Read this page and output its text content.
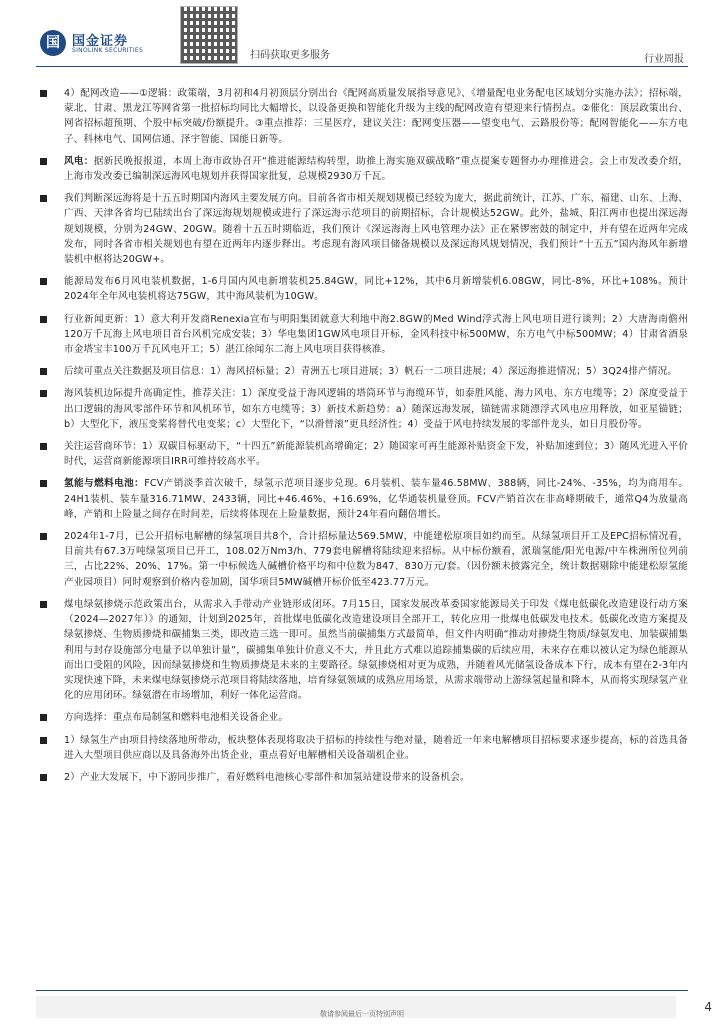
国 国金证券
SINOLINK SECURITIES	扫码获取更多服务	行业周报
4）配网改造——①逻辑：政策端，3月初和4月初顶层分别出台《配网高质量发展指导意见》、《增量配电业务配电区域划分实施办法》；招标端，蒙北、甘肃、黑龙江等网省第一批招标均同比大幅增长，以设备更换和智能化升级为主线的配网改造有望迎来行情拐点。②催化：顶层政策出台、网省招标超预期、个股中标突破/份额提升。③重点推荐：三星医疗，建议关注：配网变压器——望变电气、云路股份等；配网智能化——东方电子、科林电气、国网信通、泽宇智能、国能日新等。
风电：据新民晚报报道，本周上海市政协召开“推进能源结构转型，助推上海实施双碳战略”重点提案专题督办办理推进会。会上市发改委介绍，上海市发改委已编制深远海风电规划并获得国家批复，总规模2930万千瓦。
我们判断深远海将是十五五时期国内海风主要发展方向。目前各省市相关规划规模已经较为庞大，据此前统计，江苏、广东、福建、山东、上海、广西、天津各省均已陆续出台了深远海规划规模或进行了深远海示范项目的前期招标，合计规模达52GW。此外，盐城、阳江两市也提出深远海规划规模，分别为24GW、20GW。随着十五五时期临近，我们预计《深远海海上风电管理办法》正在紧锣密鼓的制定中，并有望在近两年完成发布，同时各省市相关规划也有望在近两年内逐步释出。考虑现有海风项目储备规模以及深远海风规划情况，我们预计“十五五”国内海风年新增装机中枢将达20GW+。
能源局发布6月风电装机数据，1-6月国内风电新增装机25.84GW，同比+12%，其中6月新增装机6.08GW，同比-8%，环比+108%。预计2024年全年风电装机将达75GW，其中海风装机为10GW。
行业新闻更新：1）意大利开发商Renexia宣布与明阳集团就意大利地中海2.8GW的Med Wind浮式海上风电项目进行谈判；2）大唐海南儋州120万千瓦海上风电项目首台风机完成安装；3）华电集团1GW风电项目开标，金风科技中标500MW，东方电气中标500MW；4）甘肃省酒泉市金塔宝丰100万千瓦风电开工；5）湛江徐闻东二海上风电项目获得核准。
后续可重点关注数据及项目信息：1）海风招标量；2）青洲五七项目进展；3）帆石一二项目进展；4）深远海推进情况；5）3Q24排产情况。
海风装机边际提升高确定性，推荐关注：1）深度受益于海风逻辑的塔筒环节与海缆环节，如泰胜风能、海力风电、东方电缆等；2）深度受益于出口逻辑的海风零部件环节和风机环节，如东方电缆等；3）新技术新趋势：a）随深远海发展，锚链需求随漂浮式风电应用释放，如亚星锚链；b）大型化下，液压变桨将替代电变桨；c）大型化下，“以滑替滚”更具经济性；4）受益于风电持续发展的零部件龙头，如日月股份等。
关注运营商环节：1）双碳目标驱动下，“十四五”新能源装机高增确定；2）随国家可再生能源补贴资金下发，补贴加速到位；3）随风光进入平价时代，运营商新能源项目IRR可维持较高水平。
氢能与燃料电池：FCV产销淡季首次破千，绿氢示范项目逐步兑现。6月装机、装车量46.58MW、388辆，同比-24%、-35%，均为商用车。24H1装机、装车量316.71MW、2433辆，同比+46.46%、+16.69%，亿华通装机量登顶。FCV产销首次在非高峰期破千，通常Q4为放量高峰，产销和上险量之间存在时间差，后续将体现在上险量数据，预计24年看向翻倍增长。
2024年1-7月，已公开招标电解槽的绿氢项目共8个，合计招标量达569.5MW，中能建松原项目如约而至。从绿氢项目开工及EPC招标情况看，目前共有67.3万吨绿氢项目已开工，108.02万Nm3/h、779套电解槽将陆续迎来招标。从中标份额看，派瑞氢能/阳光电源/中车株洲所位列前三，占比22%、20%、17%。第一中标候选人碱槽价格平均和中位数为847、830万元/套。（因份额未披露完全，统计数据剔除中能建松原氢能产业园项目）同时观察到价格内卷加剧，国华项目5MW碱槽开标价低至423.77万元。
煤电绿氨掺烧示范政策出台，从需求入手带动产业链形成闭环。7月15日，国家发展改革委国家能源局关于印发《煤电低碳化改造建设行动方案（2024—2027年）》的通知，计划到2025年，首批煤电低碳化改造建设项目全部开工，转化应用一批煤电低碳发电技术。低碳化改造方案提及绿氨掺烧、生物质掺烧和碳捕集三类，即改造三选一即可。虽然当前碳捕集方式最简单，但文件内明确“推动对掺烧生物质/绿氨发电、加装碳捕集利用与封存设施部分电量予以单独计量”，碳捕集单独计价意义不大，并且此方式难以追踪捕集碳的后续应用，未来存在难以被认定为绿色能源从而出口受阻的风险，因而绿氨掺烧和生物质掺烧是未来的主要路径。绿氨掺烧相对更为成熟，并随着风光储氢设备成本下行，成本有望在2-3年内实现快速下降，未来煤电绿氨掺烧示范项目将陆续落地，培育绿氨领域的成熟应用场景，从需求端带动上游绿氢起量和降本，从而将实现绿氢产业化的应用闭环。绿氨潜在市场增加，利好一体化运营商。
方向选择：重点布局制氢和燃料电池相关设备企业。
1）绿氢生产由项目持续落地所带动，板块整体表现将取决于招标的持续性与绝对量，随着近一年来电解槽项目招标要求逐步提高，标的首选具备进入大型项目供应商以及具备海外出货企业，重点看好电解槽相关设备端机企业。
2）产业大发展下，中下游同步推广，看好燃料电池核心零部件和加氢站建设带来的设备机会。
敬请参阅最后一页特别声明	4
